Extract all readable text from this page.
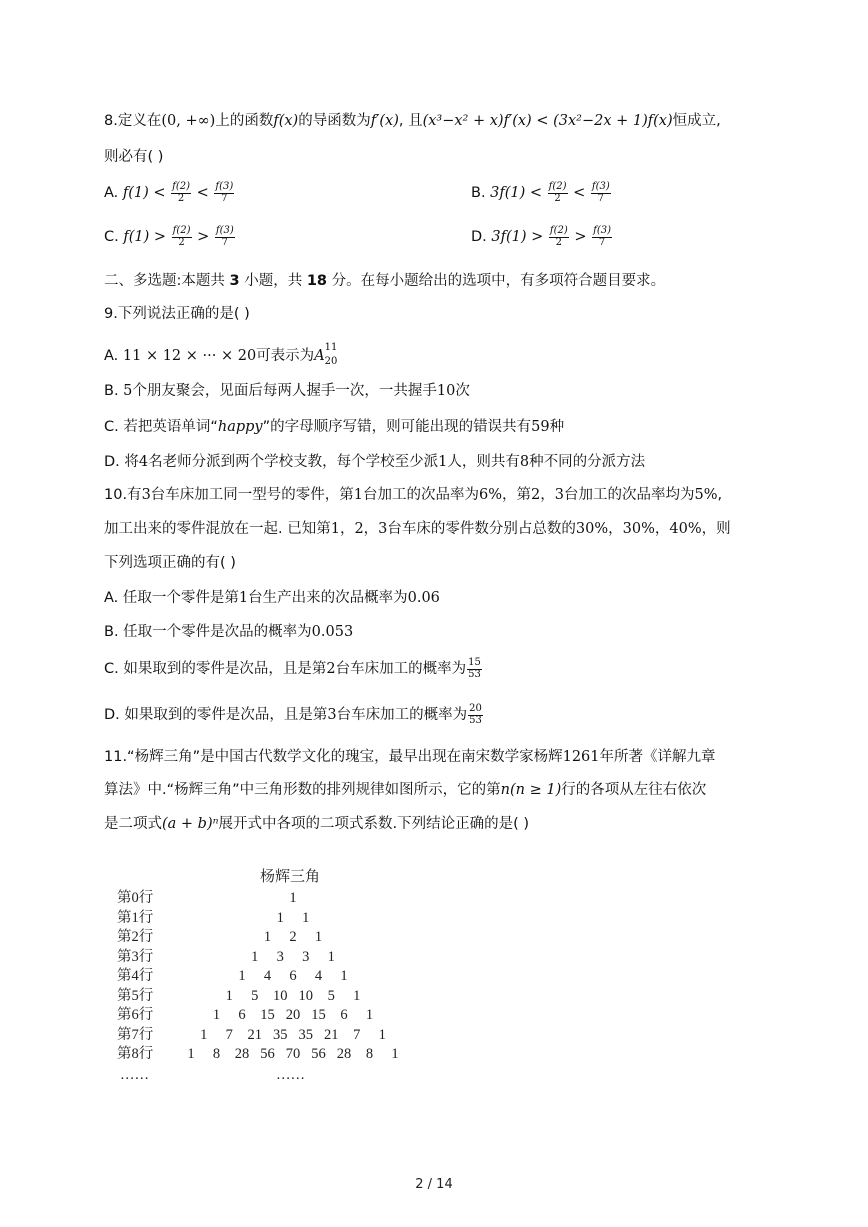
8.定义在(0, +∞)上的函数f(x)的导函数为f′(x), 且(x³−x² + x)f′(x) < (3x²−2x + 1)f(x)恒成立,
则必有( )
A. $f(1) < \frac{f(2)}{2} < \frac{f(3)}{7}$	B. $3f(1) < \frac{f(2)}{2} < \frac{f(3)}{7}$
C. $f(1) > \frac{f(2)}{2} > \frac{f(3)}{7}$	D. $3f(1) > \frac{f(2)}{2} > \frac{f(3)}{7}$
二、多选题:本题共 3 小题，共 18 分。在每小题给出的选项中，有多项符合题目要求。
9.下列说法正确的是( )
A. 11 × 12 × ··· × 20可表示为A
11
20
B. 5个朋友聚会，见面后每两人握手一次，一共握手10次
C. 若把英语单词“happy”的字母顺序写错，则可能出现的错误共有59种
D. 将4名老师分派到两个学校支教，每个学校至少派1人，则共有8种不同的分派方法
10.有3台车床加工同一型号的零件，第1台加工的次品率为6%，第2，3台加工的次品率均为5%,
加工出来的零件混放在一起. 已知第1，2，3台车床的零件数分别占总数的30%，30%，40%，则
下列选项正确的有( )
A. 任取一个零件是第1台生产出来的次品概率为0.06
B. 任取一个零件是次品的概率为0.053
C. 如果取到的零件是次品，且是第2台车床加工的概率为 $\frac{15}{53}$
D. 如果取到的零件是次品，且是第3台车床加工的概率为 $\frac{20}{53}$
11.“杨辉三角”是中国古代数学文化的瑰宝，最早出现在南宋数学家杨辉1261年所著《详解九章
算法》中.“杨辉三角”中三角形数的排列规律如图所示，它的第n(n ≥ 1)行的各项从左往右依次
是二项式(a + b)ⁿ展开式中各项的二项式系数.下列结论正确的是( )
杨辉三角
……	……
第0行	1
第1行	1	1
第2行	1	2	1
第3行	1	3	3	1
第4行	1	4	6	4	1
第5行	1	5	10 10	5	1
第6行	1	6	15 20 15	6	1
第7行	1	7	21 35 35 21	7	1
第8行	1	8	28 56 70 56 28	8	1
2 / 14
